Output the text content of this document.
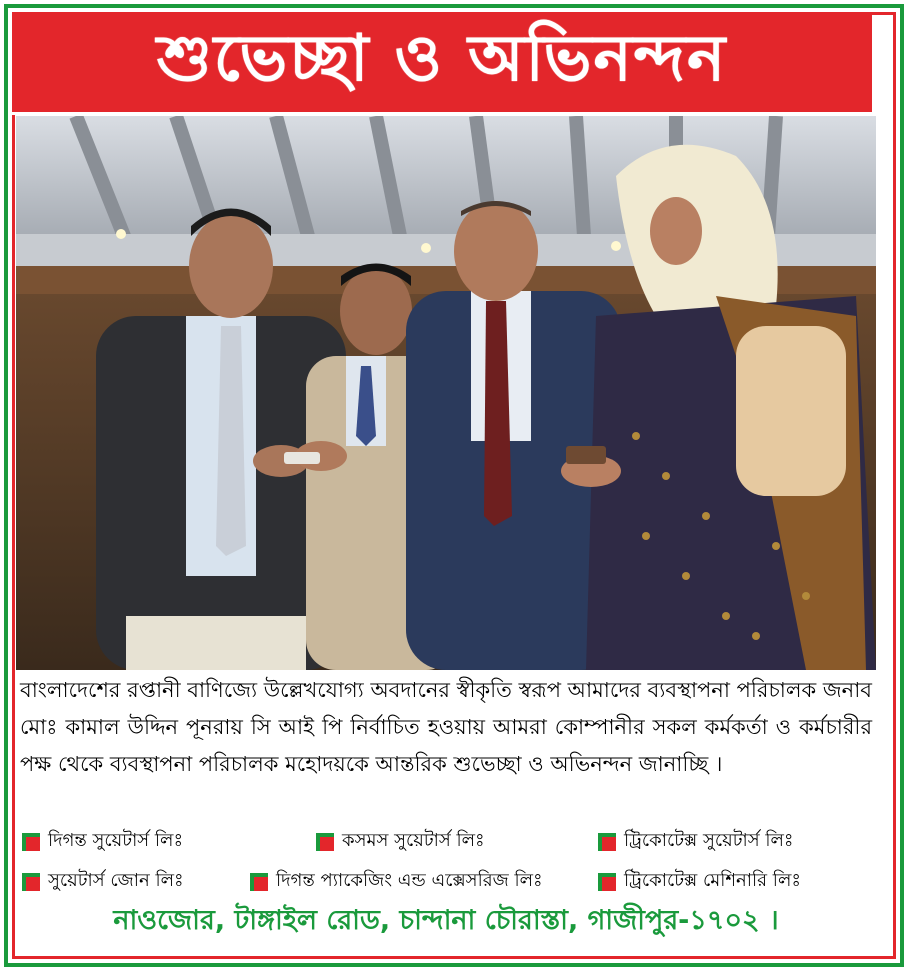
শুভেচ্ছা ও অভিনন্দন
বাংলাদেশের রপ্তানী বাণিজ্যে উল্লেখযোগ্য অবদানের স্বীকৃতি স্বরূপ আমাদের ব্যবস্থাপনা পরিচালক জনাব মোঃ কামাল উদ্দিন পূনরায় সি আই পি নির্বাচিত হওয়ায় আমরা কোম্পানীর সকল কর্মকর্তা ও কর্মচারীর পক্ষ থেকে ব্যবস্থাপনা পরিচালক মহোদয়কে আন্তরিক শুভেচ্ছা ও অভিনন্দন জানাচ্ছি ।
দিগন্ত সুয়েটার্স লিঃ	কসমস সুয়েটার্স লিঃ	ট্রিকোটেক্স সুয়েটার্স লিঃ
সুয়েটার্স জোন লিঃ	দিগন্ত প্যাকেজিং এন্ড এক্সেসরিজ লিঃ	ট্রিকোটেক্স মেশিনারি লিঃ
নাওজোর, টাঙ্গাইল রোড, চান্দানা চৌরাস্তা, গাজীপুর-১৭০২ ।
